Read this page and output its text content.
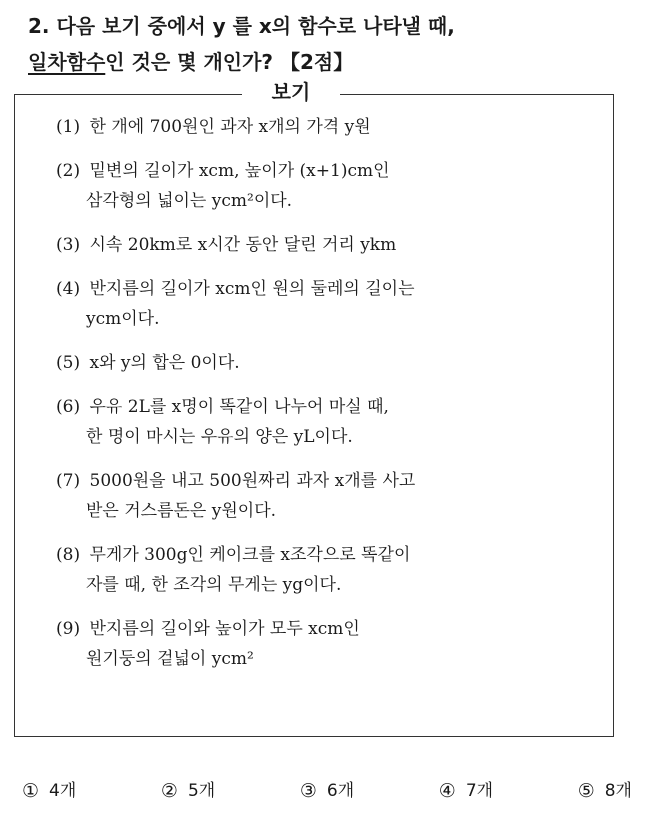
2. 다음 보기 중에서 y 를 x의 함수로 나타낼 때,
일차함수인 것은 몇 개인가? 【2점】
보기
(1) 한 개에 700원인 과자 x개의 가격 y원
(2) 밑변의 길이가 xcm, 높이가 (x+1)cm인
삼각형의 넓이는 ycm²이다.
(3) 시속 20km로 x시간 동안 달린 거리 ykm
(4) 반지름의 길이가 xcm인 원의 둘레의 길이는
ycm이다.
(5) x와 y의 합은 0이다.
(6) 우유 2L를 x명이 똑같이 나누어 마실 때,
한 명이 마시는 우유의 양은 yL이다.
(7) 5000원을 내고 500원짜리 과자 x개를 사고
받은 거스름돈은 y원이다.
(8) 무게가 300g인 케이크를 x조각으로 똑같이
자를 때, 한 조각의 무게는 yg이다.
(9) 반지름의 길이와 높이가 모두 xcm인
원기둥의 겉넓이 ycm²
① 4개	② 5개	③ 6개	④ 7개	⑤ 8개
